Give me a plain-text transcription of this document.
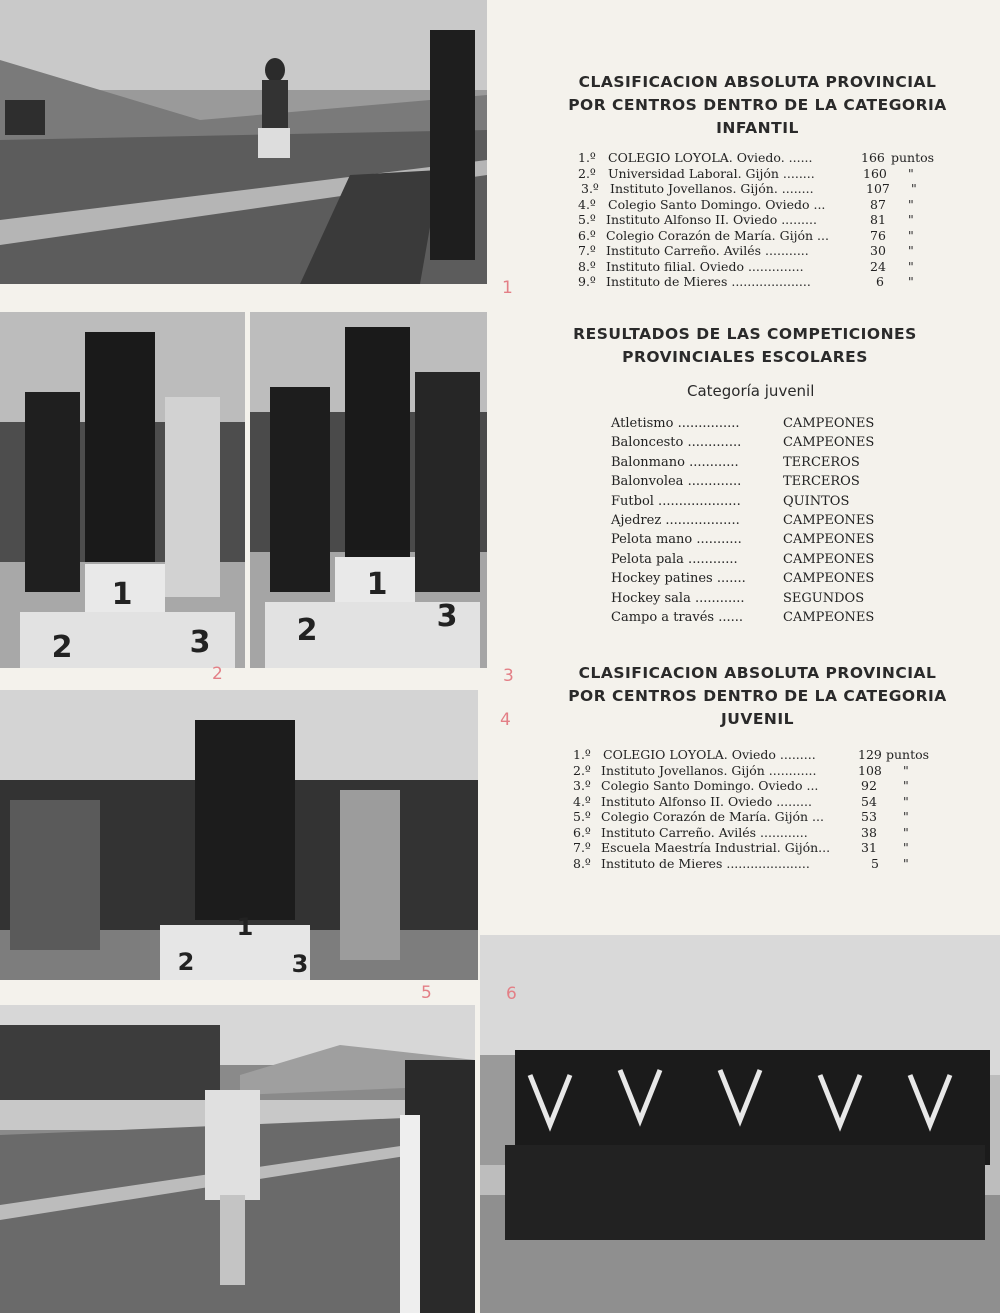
1
2	3
1
2	3
1
2	3
1
2	3
4
5	6
CLASIFICACION ABSOLUTA PROVINCIAL
POR CENTROS DENTRO DE LA CATEGORIA
INFANTIL
1.º COLEGIO LOYOLA. Oviedo. ......	166 puntos
2.º Universidad Laboral. Gijón ........	160 "
3.º Instituto Jovellanos. Gijón. ........	107 "
4.º Colegio Santo Domingo. Oviedo ...	87 "
5.º Instituto Alfonso II. Oviedo .........	81 "
6.º Colegio Corazón de María. Gijón ...	76 "
7.º Instituto Carreño. Avilés ...........	30 "
8.º Instituto filial. Oviedo ..............	24 "
9.º Instituto de Mieres ....................	6 "
RESULTADOS DE LAS COMPETICIONES
PROVINCIALES ESCOLARES
Categoría juvenil
Atletismo ...............	CAMPEONES
Baloncesto .............	CAMPEONES
Balonmano ............	TERCEROS
Balonvolea .............	TERCEROS
Futbol ....................	QUINTOS
Ajedrez ..................	CAMPEONES
Pelota mano ...........	CAMPEONES
Pelota pala ............	CAMPEONES
Hockey patines .......	CAMPEONES
Hockey sala ............	SEGUNDOS
Campo a través ......	CAMPEONES
CLASIFICACION ABSOLUTA PROVINCIAL
POR CENTROS DENTRO DE LA CATEGORIA
JUVENIL
1.º COLEGIO LOYOLA. Oviedo .........	129 puntos
2.º Instituto Jovellanos. Gijón ............	108 "
3.º Colegio Santo Domingo. Oviedo ...	92 "
4.º Instituto Alfonso II. Oviedo .........	54 "
5.º Colegio Corazón de María. Gijón ...	53 "
6.º Instituto Carreño. Avilés ............	38 "
7.º Escuela Maestría Industrial. Gijón... 31 "
8.º Instituto de Mieres .....................	5 "
